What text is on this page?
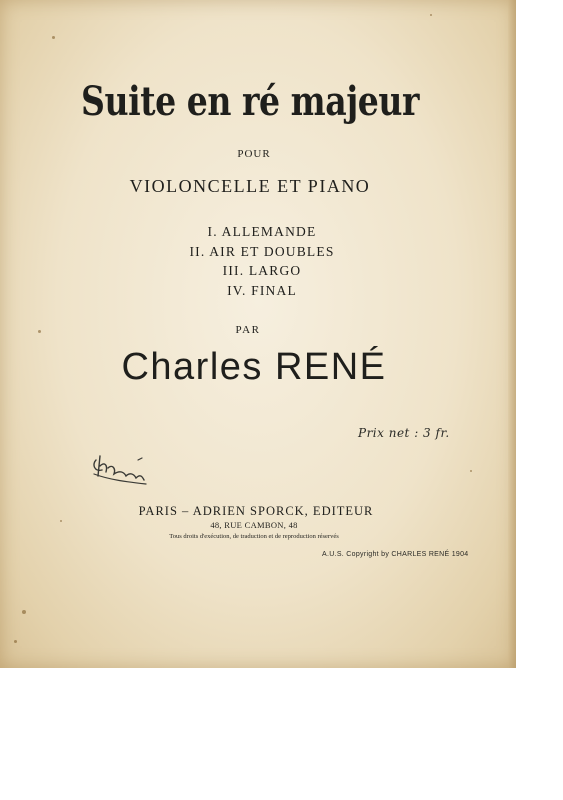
Suite en ré majeur
POUR
VIOLONCELLE ET PIANO
I. ALLEMANDE
II. AIR ET DOUBLES
III. LARGO
IV. FINAL
PAR
Charles RENÉ
Prix net : 3 fr.
PARIS – ADRIEN SPORCK, EDITEUR
48, RUE CAMBON, 48
Tous droits d'exécution, de traduction et de reproduction réservés
A.U.S. Copyright by CHARLES RENÉ 1904
